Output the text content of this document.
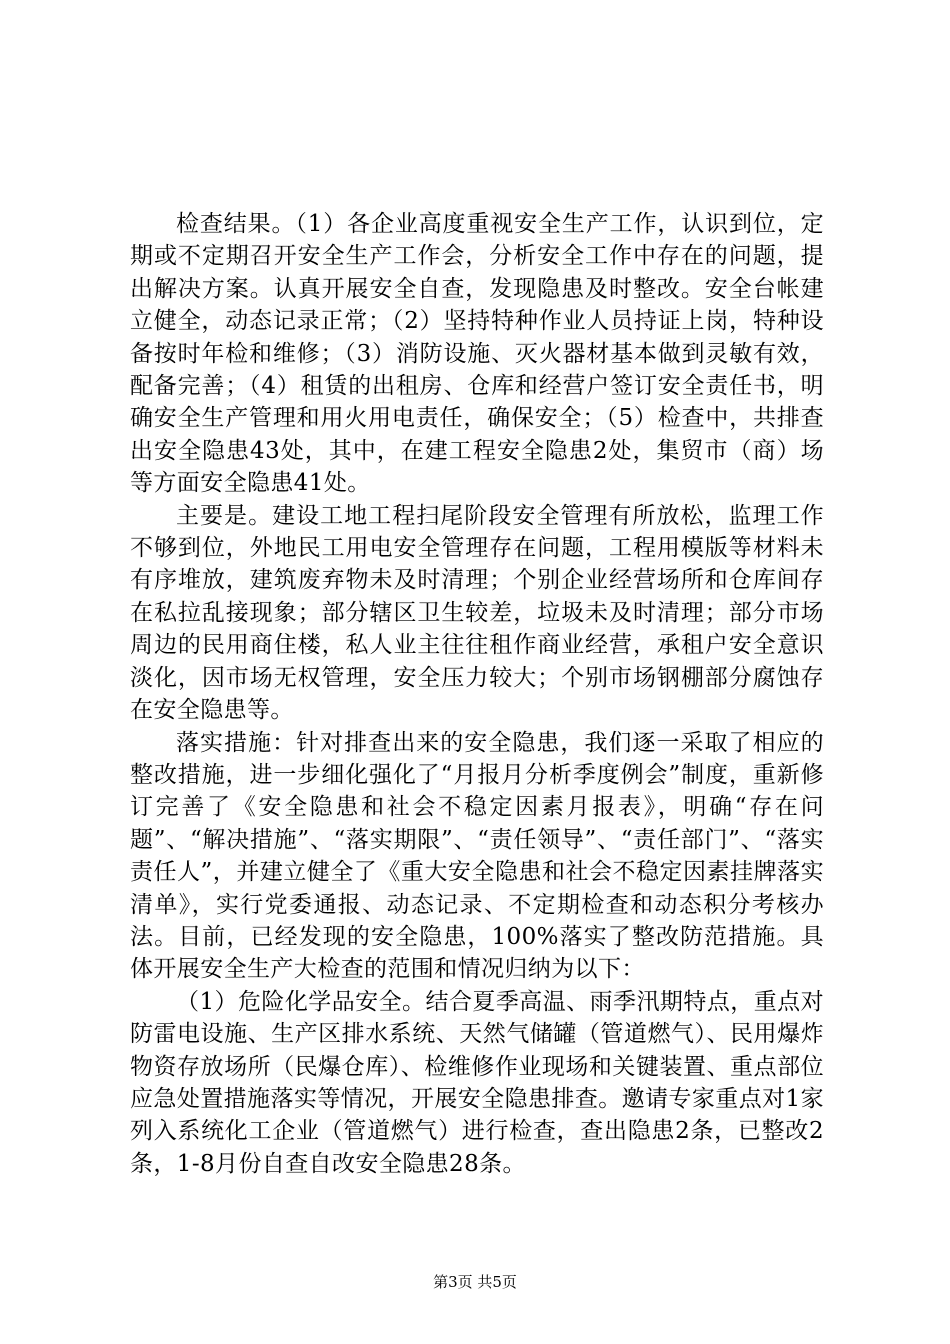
检查结果。（1）各企业高度重视安全生产工作，认识到位，定期或不定期召开安全生产工作会，分析安全工作中存在的问题，提出解决方案。认真开展安全自查，发现隐患及时整改。安全台帐建立健全，动态记录正常；（2）坚持特种作业人员持证上岗，特种设备按时年检和维修；（3）消防设施、灭火器材基本做到灵敏有效，配备完善；（4）租赁的出租房、仓库和经营户签订安全责任书，明确安全生产管理和用火用电责任，确保安全；（5）检查中，共排查出安全隐患43处，其中，在建工程安全隐患2处，集贸市（商）场等方面安全隐患41处。

主要是。建设工地工程扫尾阶段安全管理有所放松，监理工作不够到位，外地民工用电安全管理存在问题，工程用模版等材料未有序堆放，建筑废弃物未及时清理；个别企业经营场所和仓库间存在私拉乱接现象；部分辖区卫生较差，垃圾未及时清理；部分市场周边的民用商住楼，私人业主往往租作商业经营，承租户安全意识淡化，因市场无权管理，安全压力较大；个别市场钢棚部分腐蚀存在安全隐患等。

落实措施：针对排查出来的安全隐患，我们逐一采取了相应的整改措施，进一步细化强化了“月报月分析季度例会”制度，重新修订完善了《安全隐患和社会不稳定因素月报表》，明确“存在问题”、“解决措施”、“落实期限”、“责任领导”、“责任部门”、“落实责任人”，并建立健全了《重大安全隐患和社会不稳定因素挂牌落实清单》，实行党委通报、动态记录、不定期检查和动态积分考核办法。目前，已经发现的安全隐患，100%落实了整改防范措施。具体开展安全生产大检查的范围和情况归纳为以下：

（1）危险化学品安全。结合夏季高温、雨季汛期特点，重点对防雷电设施、生产区排水系统、天然气储罐（管道燃气）、民用爆炸物资存放场所（民爆仓库）、检维修作业现场和关键装置、重点部位应急处置措施落实等情况，开展安全隐患排查。邀请专家重点对1家列入系统化工企业（管道燃气）进行检查，查出隐患2条，已整改2条，1-8月份自查自改安全隐患28条。

第3页 共5页
